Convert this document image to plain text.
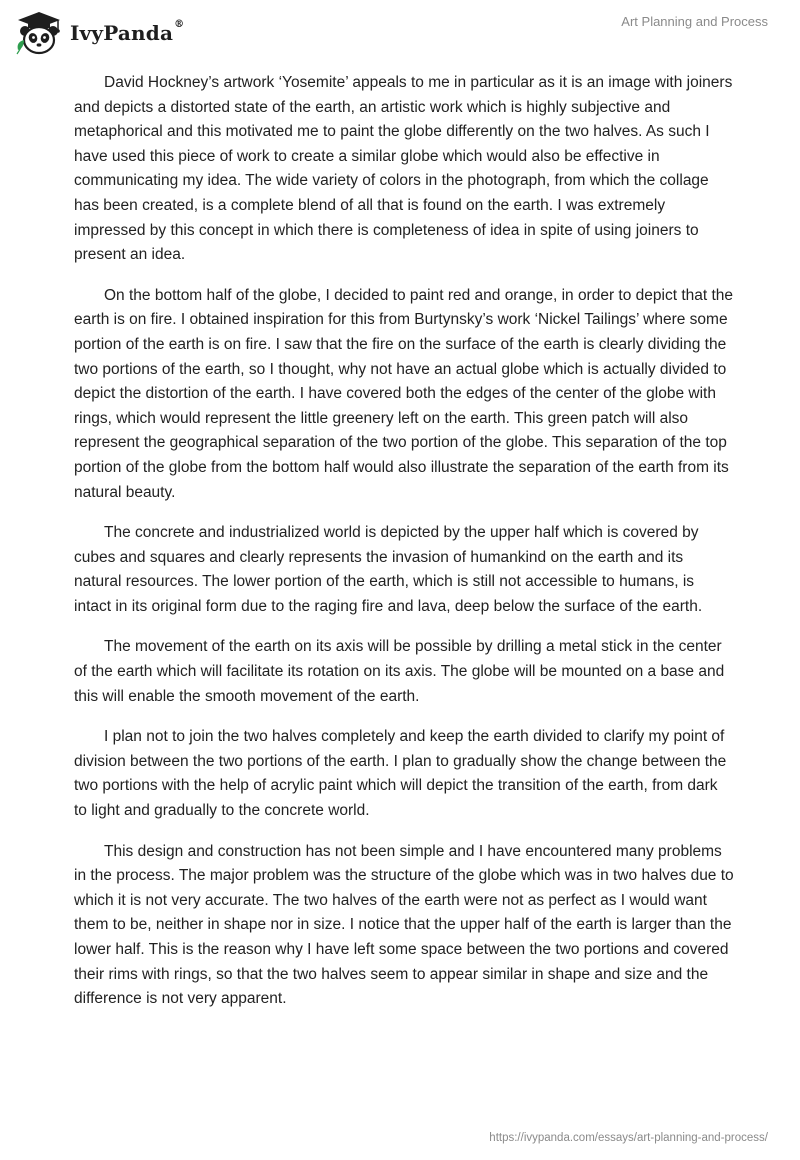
IvyPanda ®	Art Planning and Process

David Hockney’s artwork ‘Yosemite’ appeals to me in particular as it is an image with joiners and depicts a distorted state of the earth, an artistic work which is highly subjective and metaphorical and this motivated me to paint the globe differently on the two halves. As such I have used this piece of work to create a similar globe which would also be effective in communicating my idea. The wide variety of colors in the photograph, from which the collage has been created, is a complete blend of all that is found on the earth. I was extremely impressed by this concept in which there is completeness of idea in spite of using joiners to present an idea.

On the bottom half of the globe, I decided to paint red and orange, in order to depict that the earth is on fire. I obtained inspiration for this from Burtynsky’s work ‘Nickel Tailings’ where some portion of the earth is on fire. I saw that the fire on the surface of the earth is clearly dividing the two portions of the earth, so I thought, why not have an actual globe which is actually divided to depict the distortion of the earth. I have covered both the edges of the center of the globe with rings, which would represent the little greenery left on the earth. This green patch will also represent the geographical separation of the two portion of the globe. This separation of the top portion of the globe from the bottom half would also illustrate the separation of the earth from its natural beauty.

The concrete and industrialized world is depicted by the upper half which is covered by cubes and squares and clearly represents the invasion of humankind on the earth and its natural resources. The lower portion of the earth, which is still not accessible to humans, is intact in its original form due to the raging fire and lava, deep below the surface of the earth.

The movement of the earth on its axis will be possible by drilling a metal stick in the center of the earth which will facilitate its rotation on its axis. The globe will be mounted on a base and this will enable the smooth movement of the earth.

I plan not to join the two halves completely and keep the earth divided to clarify my point of division between the two portions of the earth. I plan to gradually show the change between the two portions with the help of acrylic paint which will depict the transition of the earth, from dark to light and gradually to the concrete world.

This design and construction has not been simple and I have encountered many problems in the process. The major problem was the structure of the globe which was in two halves due to which it is not very accurate. The two halves of the earth were not as perfect as I would want them to be, neither in shape nor in size. I notice that the upper half of the earth is larger than the lower half. This is the reason why I have left some space between the two portions and covered their rims with rings, so that the two halves seem to appear similar in shape and size and the difference is not very apparent.

https://ivypanda.com/essays/art-planning-and-process/
